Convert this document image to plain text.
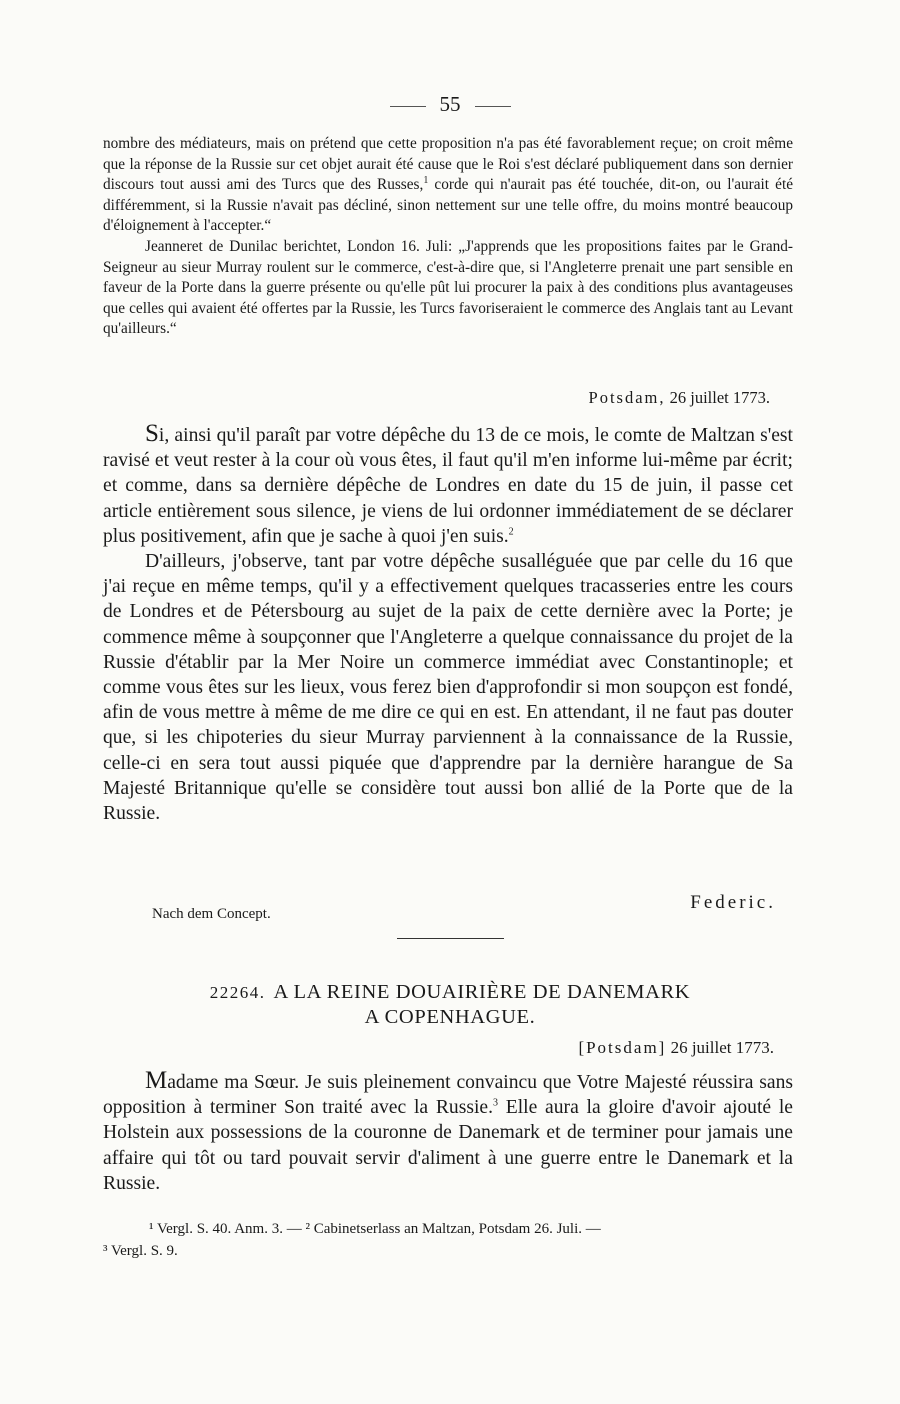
55

nombre des médiateurs, mais on prétend que cette proposition n'a pas été favorablement reçue; on croit même que la réponse de la Russie sur cet objet aurait été cause que le Roi s'est déclaré publiquement dans son dernier discours tout aussi ami des Turcs que des Russes,$^1$ corde qui n'aurait pas été touchée, dit-on, ou l'aurait été différemment, si la Russie n'avait pas décliné, sinon nettement sur une telle offre, du moins montré beaucoup d'éloignement à l'accepter.“

Jeanneret de Dunilac berichtet, London 16. Juli: „J'apprends que les propositions faites par le Grand-Seigneur au sieur Murray roulent sur le commerce, c'est-à-dire que, si l'Angleterre prenait une part sensible en faveur de la Porte dans la guerre présente ou qu'elle pût lui procurer la paix à des conditions plus avantageuses que celles qui avaient été offertes par la Russie, les Turcs favoriseraient le commerce des Anglais tant au Levant qu'ailleurs.“

Potsdam, 26 juillet 1773.

Si, ainsi qu'il paraît par votre dépêche du 13 de ce mois, le comte de Maltzan s'est ravisé et veut rester à la cour où vous êtes, il faut qu'il m'en informe lui-même par écrit; et comme, dans sa dernière dépêche de Londres en date du 15 de juin, il passe cet article entièrement sous silence, je viens de lui ordonner immédiatement de se déclarer plus positivement, afin que je sache à quoi j'en suis.$^2$

D'ailleurs, j'observe, tant par votre dépêche susalléguée que par celle du 16 que j'ai reçue en même temps, qu'il y a effectivement quelques tracasseries entre les cours de Londres et de Pétersbourg au sujet de la paix de cette dernière avec la Porte; je commence même à soupçonner que l'Angleterre a quelque connaissance du projet de la Russie d'établir par la Mer Noire un commerce immédiat avec Constantinople; et comme vous êtes sur les lieux, vous ferez bien d'approfondir si mon soupçon est fondé, afin de vous mettre à même de me dire ce qui en est. En attendant, il ne faut pas douter que, si les chipoteries du sieur Murray parviennent à la connaissance de la Russie, celle-ci en sera tout aussi piquée que d'apprendre par la dernière harangue de Sa Majesté Britannique qu'elle se considère tout aussi bon allié de la Porte que de la Russie.

Federic.
Nach dem Concept.
22264. A LA REINE DOUAIRIÈRE DE DANEMARK
A COPENHAGUE.
[Potsdam] 26 juillet 1773.

Madame ma Sœur. Je suis pleinement convaincu que Votre Majesté réussira sans opposition à terminer Son traité avec la Russie.$^3$ Elle aura la gloire d'avoir ajouté le Holstein aux possessions de la couronne de Danemark et de terminer pour jamais une affaire qui tôt ou tard pouvait servir d'aliment à une guerre entre le Danemark et la Russie.

¹ Vergl. S. 40. Anm. 3. — ² Cabinetserlass an Maltzan, Potsdam 26. Juli. —
³ Vergl. S. 9.
